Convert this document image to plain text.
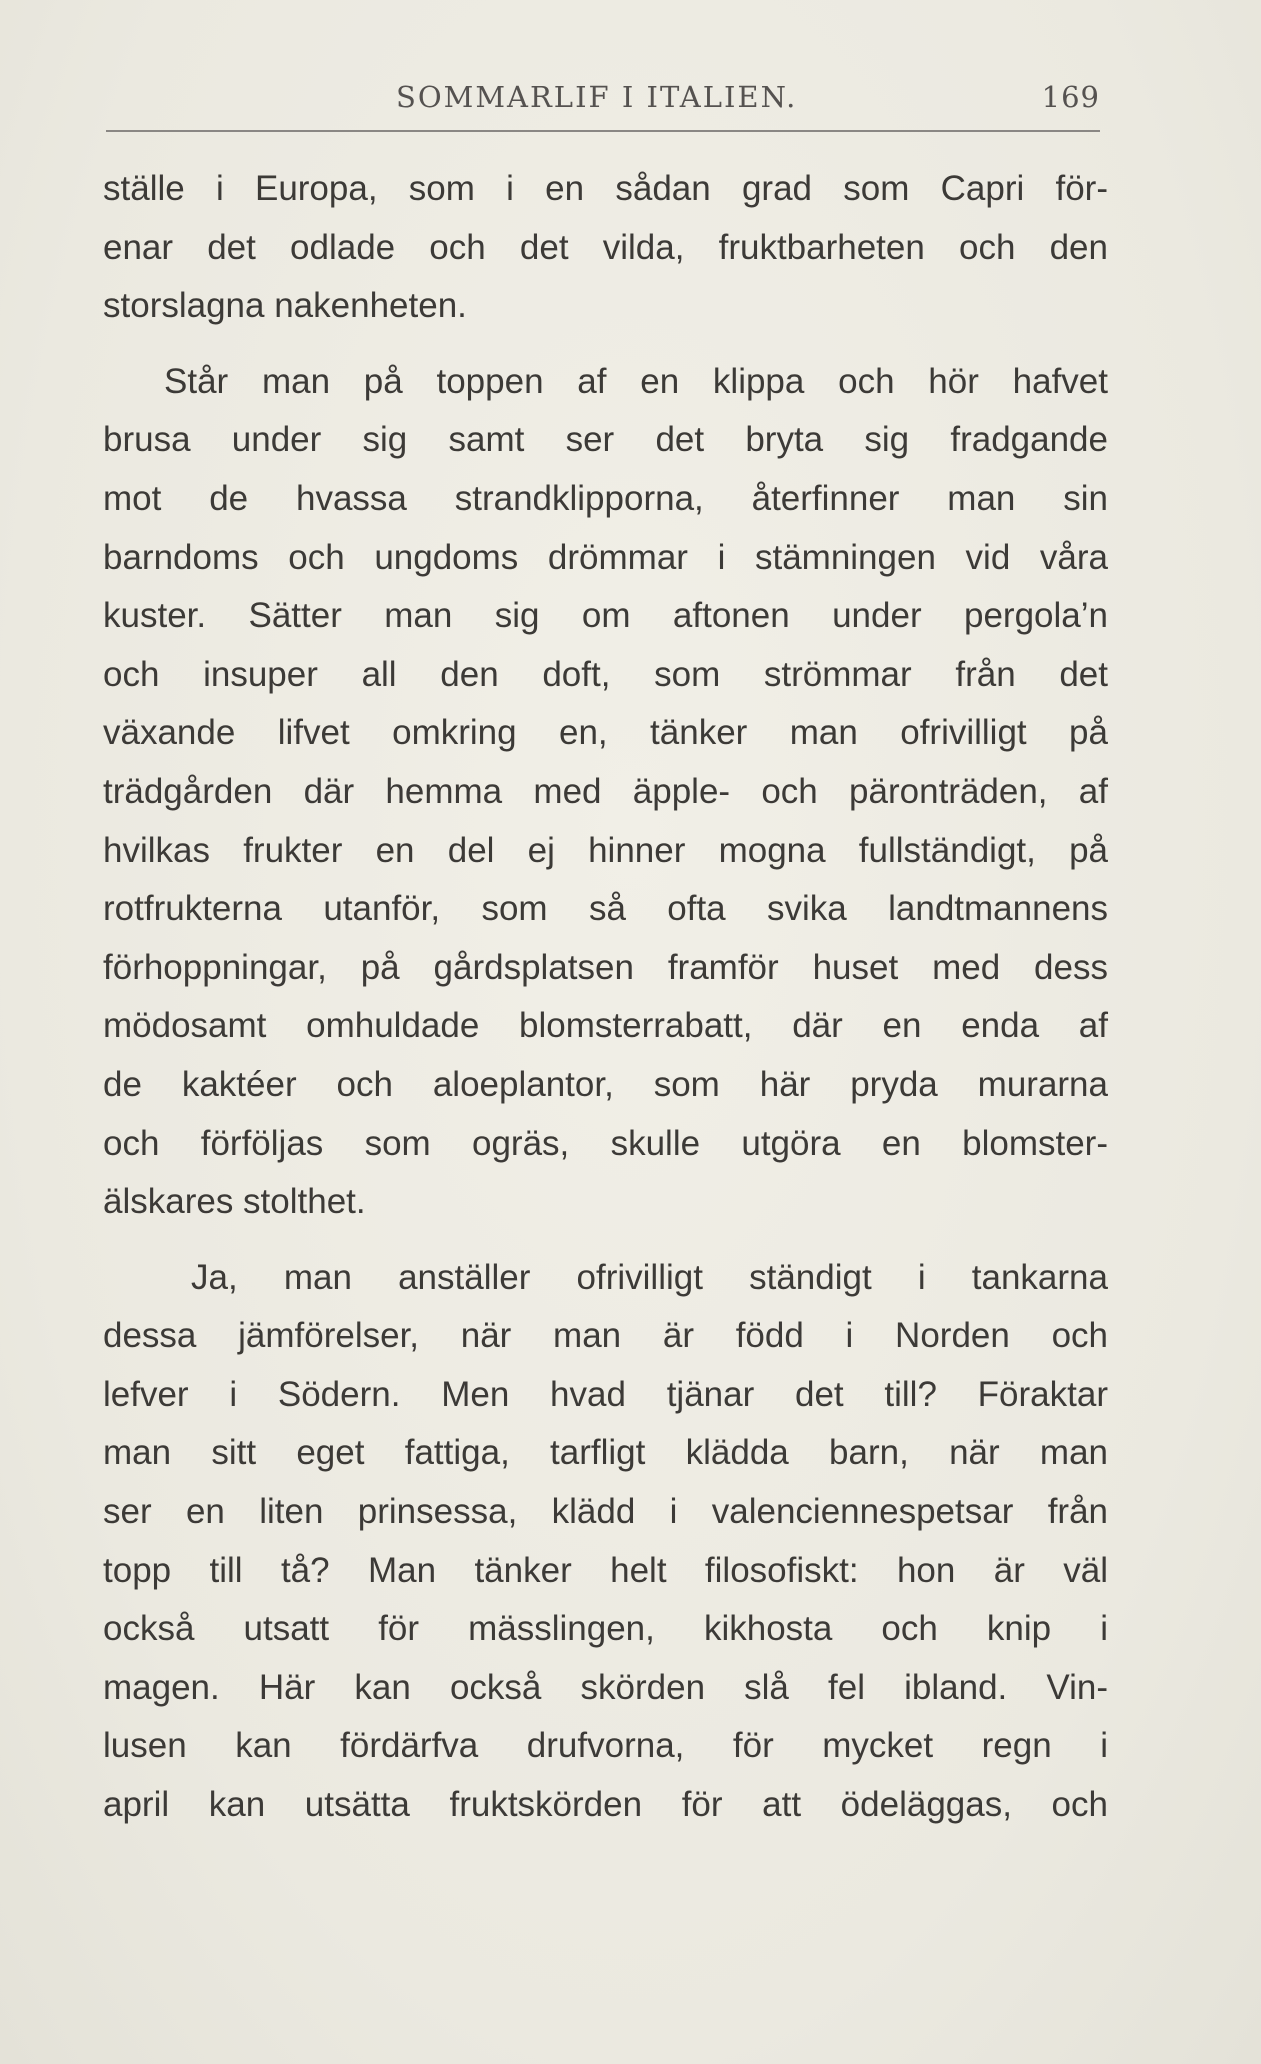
SOMMARLIF I ITALIEN.	169

ställe i Europa, som i en sådan grad som Capri för-
enar det odlade och det vilda, fruktbarheten och den
storslagna nakenheten.

Står man på toppen af en klippa och hör hafvet
brusa under sig samt ser det bryta sig fradgande
mot de hvassa strandklipporna, återfinner man sin
barndoms och ungdoms drömmar i stämningen vid våra
kuster. Sätter man sig om aftonen under pergola’n
och insuper all den doft, som strömmar från det
växande lifvet omkring en, tänker man ofrivilligt på
trädgården där hemma med äpple- och päronträden, af
hvilkas frukter en del ej hinner mogna fullständigt, på
rotfrukterna utanför, som så ofta svika landtmannens
förhoppningar, på gårdsplatsen framför huset med dess
mödosamt omhuldade blomsterrabatt, där en enda af
de kaktéer och aloeplantor, som här pryda murarna
och förföljas som ogräs, skulle utgöra en blomster-
älskares stolthet.

Ja, man anställer ofrivilligt ständigt i tankarna
dessa jämförelser, när man är född i Norden och
lefver i Södern. Men hvad tjänar det till? Föraktar
man sitt eget fattiga, tarfligt klädda barn, när man
ser en liten prinsessa, klädd i valenciennespetsar från
topp till tå? Man tänker helt filosofiskt: hon är väl
också utsatt för mässlingen, kikhosta och knip i
magen. Här kan också skörden slå fel ibland. Vin-
lusen kan fördärfva drufvorna, för mycket regn i
april kan utsätta fruktskörden för att ödeläggas, och
